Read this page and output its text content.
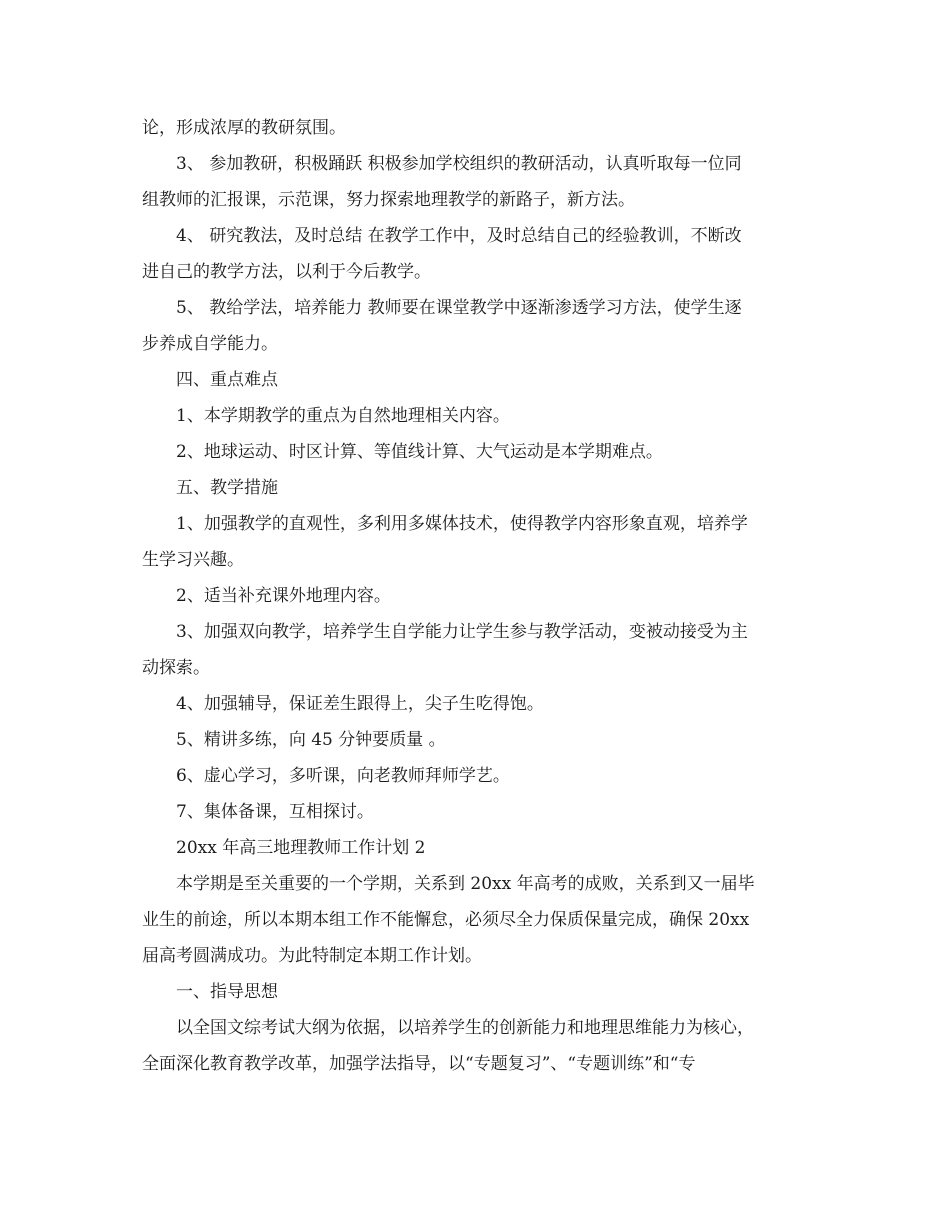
论，形成浓厚的教研氛围。
3、 参加教研，积极踊跃 积极参加学校组织的教研活动，认真听取每一位同
组教师的汇报课，示范课，努力探索地理教学的新路子，新方法。
4、 研究教法，及时总结 在教学工作中，及时总结自己的经验教训，不断改
进自己的教学方法，以利于今后教学。
5、 教给学法，培养能力 教师要在课堂教学中逐渐渗透学习方法，使学生逐
步养成自学能力。
四、重点难点
1、本学期教学的重点为自然地理相关内容。
2、地球运动、时区计算、等值线计算、大气运动是本学期难点。
五、教学措施
1、加强教学的直观性，多利用多媒体技术，使得教学内容形象直观，培养学
生学习兴趣。
2、适当补充课外地理内容。
3、加强双向教学，培养学生自学能力让学生参与教学活动，变被动接受为主
动探索。
4、加强辅导，保证差生跟得上，尖子生吃得饱。
5、精讲多练，向 45 分钟要质量 。
6、虚心学习，多听课，向老教师拜师学艺。
7、集体备课，互相探讨。
20xx 年高三地理教师工作计划 2
本学期是至关重要的一个学期，关系到 20xx 年高考的成败，关系到又一届毕
业生的前途，所以本期本组工作不能懈怠，必须尽全力保质保量完成，确保 20xx
届高考圆满成功。为此特制定本期工作计划。
一、指导思想
以全国文综考试大纲为依据，以培养学生的创新能力和地理思维能力为核心，
全面深化教育教学改革，加强学法指导，以“专题复习”、“专题训练”和“专
